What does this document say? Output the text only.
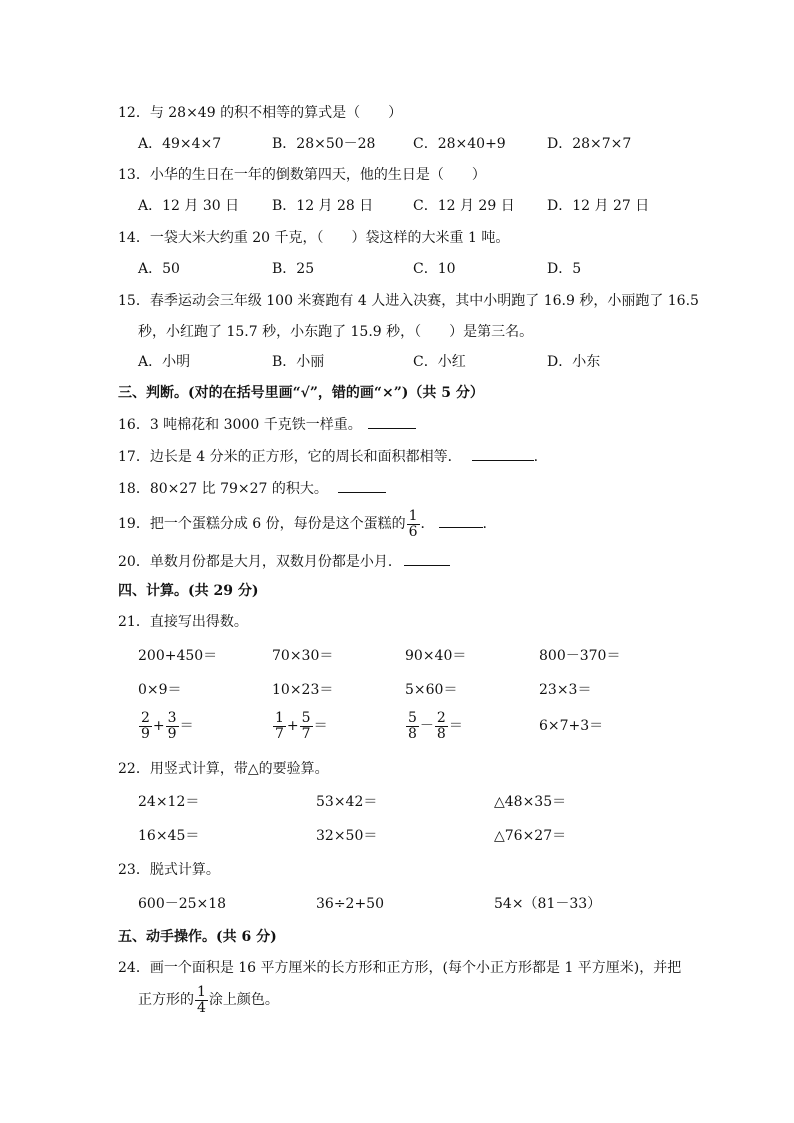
12．与 28×49 的积不相等的算式是（　　）
A．49×4×7	B．28×50－28	C．28×40+9	D．28×7×7
13．小华的生日在一年的倒数第四天，他的生日是（　　）
A．12 月 30 日 B．12 月 28 日	C．12 月 29 日 D．12 月 27 日
14．一袋大米大约重 20 千克，（　　）袋这样的大米重 1 吨。
A．50	B．25	C．10	D．5
15．春季运动会三年级 100 米赛跑有 4 人进入决赛，其中小明跑了 16.9 秒，小丽跑了 16.5
秒，小红跑了 15.7 秒，小东跑了 15.9 秒，（　　）是第三名。
A．小明	B．小丽	C．小红	D．小东
三、判断。(对的在括号里画“√”，错的画“×”)（共 5 分）
16．3 吨棉花和 3000 千克铁一样重。
17．边长是 4 分米的正方形，它的周长和面积都相等．	.
18．80×27 比 79×27 的积大。
19．把一个蛋糕分成 6 份，每份是这个蛋糕的 $\frac{1}{6}$ ．	.
20．单数月份都是大月，双数月份都是小月．
四、计算。(共 29 分)
21．直接写出得数。
200+450＝	70×30＝	90×40＝	800－370＝
0×9＝	10×23＝	5×60＝	23×3＝
$\frac{2}{9} + \frac{3}{9}$ ＝	$\frac{1}{7} + \frac{5}{7}$ ＝	$\frac{5}{8} - \frac{2}{8}$ ＝	6×7+3＝
22．用竖式计算，带△的要验算。
24×12＝	53×42＝	△48×35＝
16×45＝	32×50＝	△76×27＝
23．脱式计算。
600－25×18	36÷2+50	54×（81－33）
五、动手操作。(共 6 分)
24．画一个面积是 16 平方厘米的长方形和正方形，(每个小正方形都是 1 平方厘米)，并把
正方形的 $\frac{1}{4}$ 涂上颜色。
